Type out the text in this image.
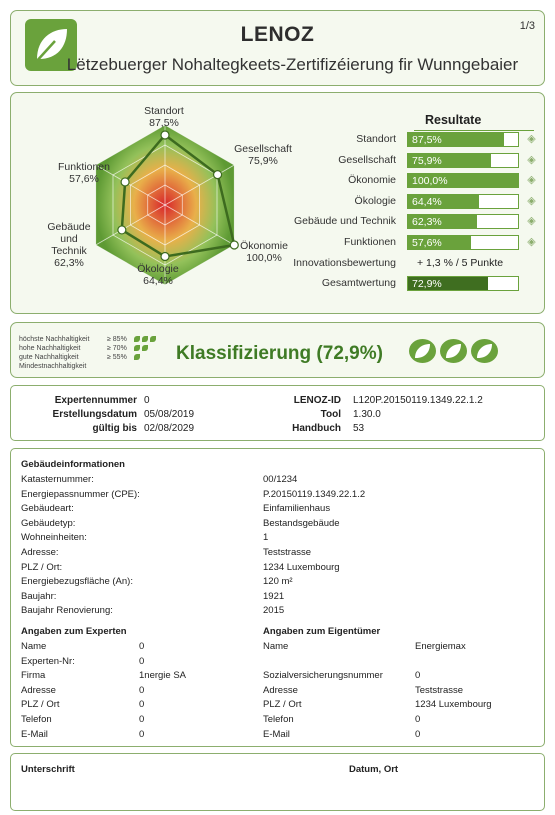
LENOZ
Lëtzebuerger Nohaltegkeets-Zertifizéierung fir Wunngebaier
1/3
Standort
87,5%
Gesellschaft
75,9%
Ökonomie
100,0%
Ökologie
64,4%
Gebäude
und
Technik
62,3%
Funktionen
57,6%
Resultate
Standort 87,5%	◈
Gesellschaft 75,9%	◈
Ökonomie 100,0%	◈
Ökologie 64,4%	◈
Gebäude und Technik 62,3%	◈
Funktionen 57,6%	◈
Innovationsbewertung + 1,3 % / 5 Punkte
Gesamtwertung 72,9%
höchste Nachhaltigkeit	≥ 85%
hohe Nachhaltigkeit	≥ 70%
gute Nachhaltigkeit	≥ 55%
Mindestnachhaltigkeit
Klassifizierung (72,9%)
Expertennummer 0
Erstellungsdatum 05/08/2019
gültig bis 02/08/2029
LENOZ-ID L120P.20150119.1349.22.1.2
Tool 1.30.0
Handbuch 53
Gebäudeinformationen
Katasternummer:	00/1234
Energiepassnummer (CPE):	P.20150119.1349.22.1.2
Gebäudeart:	Einfamilienhaus
Gebäudetyp:	Bestandsgebäude
Wohneinheiten:	1
Adresse:	Teststrasse
PLZ / Ort:	1234 Luxembourg
Energiebezugsfläche (An):	120 m²
Baujahr:	1921
Baujahr Renovierung:	2015
Angaben zum Experten	Angaben zum Eigentümer
Name	0
Experten-Nr:	0
Firma	1nergie SA
Adresse	0
PLZ / Ort	0
Telefon	0
E-Mail	0
Name	Energiemax
Sozialversicherungsnummer	0
Adresse	Teststrasse
PLZ / Ort	1234 Luxembourg
Telefon	0
E-Mail	0
Unterschrift	Datum, Ort
